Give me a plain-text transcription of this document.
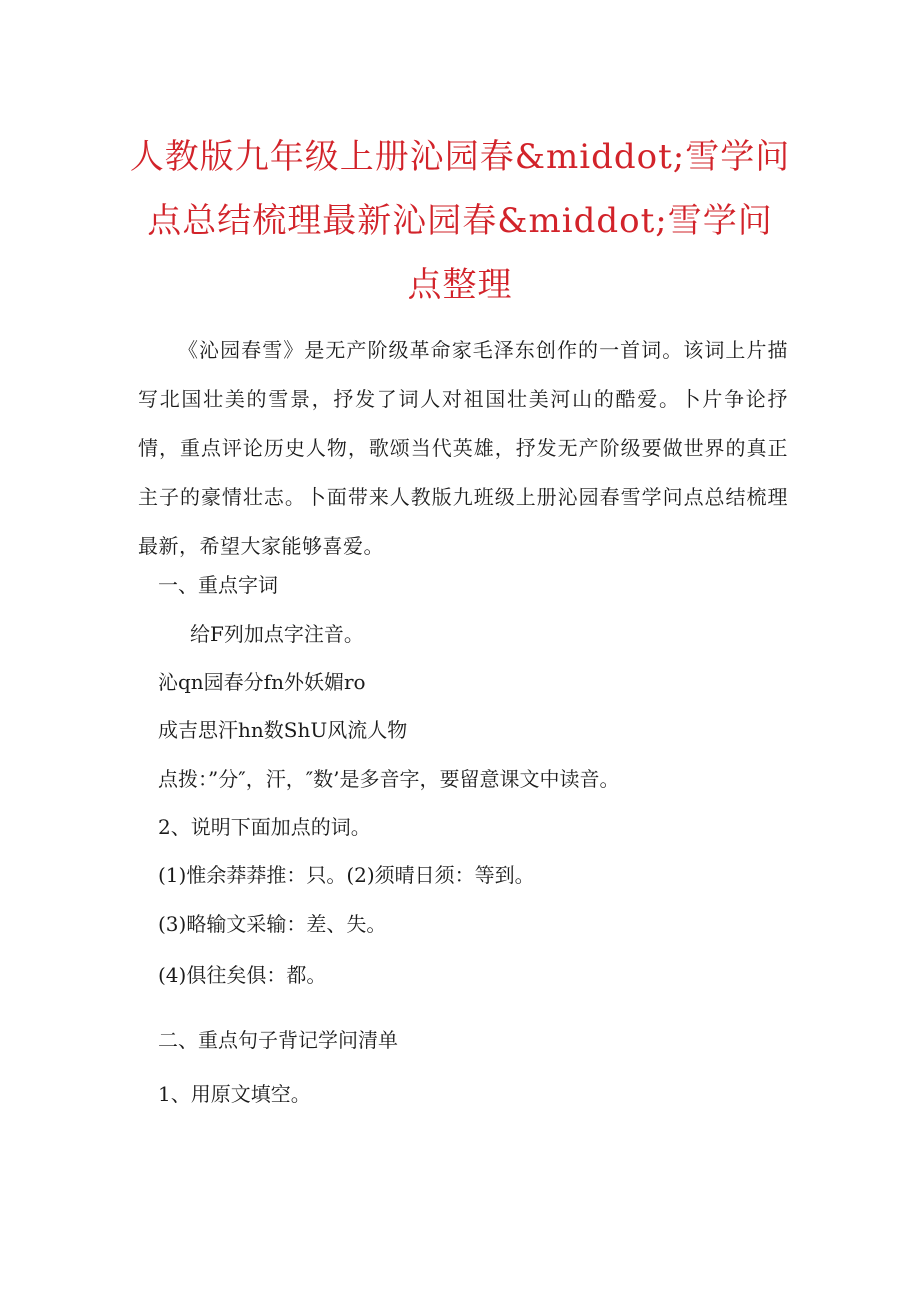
人教版九年级上册沁园春&middot;雪学问
点总结梳理最新沁园春&middot;雪学问
点整理

《沁园春雪》是无产阶级革命家毛泽东创作的一首词。该词上片描写北国壮美的雪景，抒发了词人对祖国壮美河山的酷爱。卜片争论抒情，重点评论历史人物，歌颂当代英雄，抒发无产阶级要做世界的真正主子的豪情壮志。卜面带来人教版九班级上册沁园春雪学问点总结梳理最新，希望大家能够喜爱。

一、重点字词

给F列加点字注音。

沁qn园春分fn外妖媚ro

成吉思汗hn数ShU风流人物

点拨：”分″，汗，″数’是多音字，要留意课文中读音。

2、说明下面加点的词。

(1)惟余莽莽推：只。(2)须晴日须：等到。

(3)略输文采输：差、失。

(4)俱往矣俱：都。

二、重点句子背记学问清单

1、用原文填空。
